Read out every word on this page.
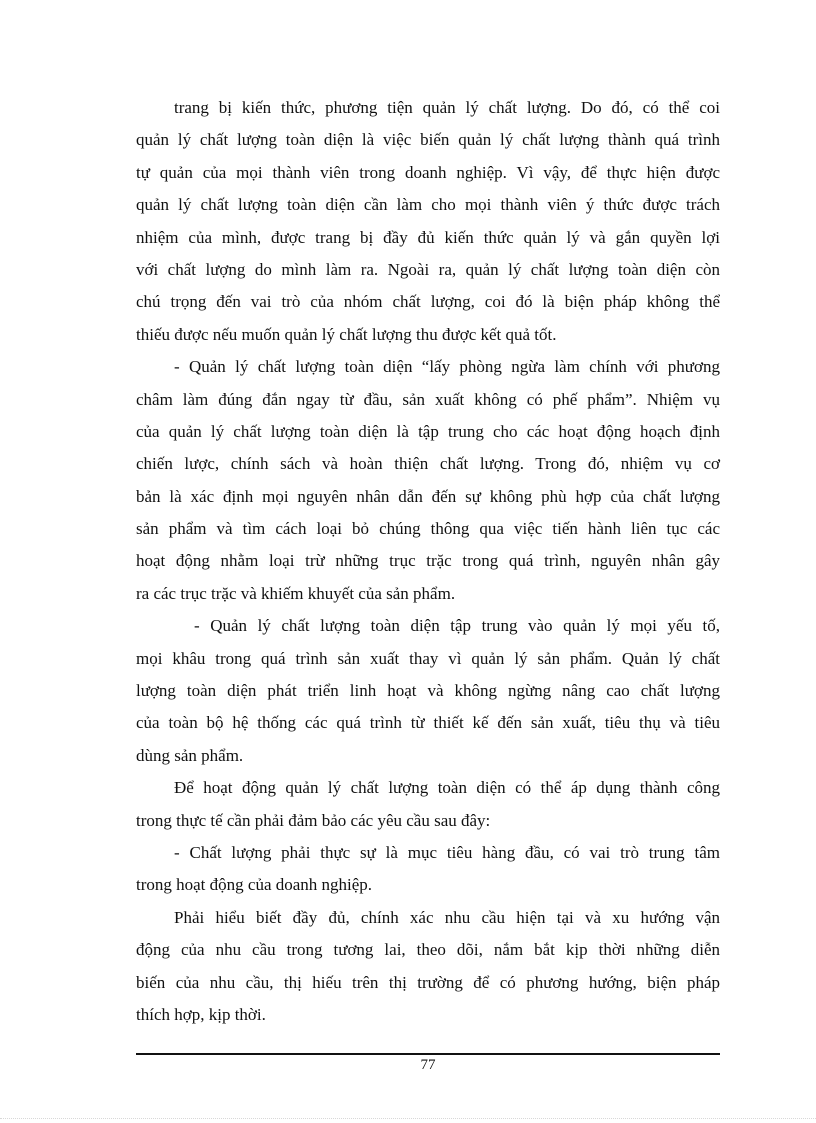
trang bị kiến thức, phương tiện quản lý chất lượng. Do đó, có thể coi
quản lý chất lượng toàn diện là việc biến quản lý chất lượng thành quá trình
tự quản của mọi thành viên trong doanh nghiệp. Vì vậy, để thực hiện được
quản lý chất lượng toàn diện cần làm cho mọi thành viên ý thức được trách
nhiệm của mình, được trang bị đầy đủ kiến thức quản lý và gắn quyền lợi
với chất lượng do mình làm ra. Ngoài ra, quản lý chất lượng toàn diện còn
chú trọng đến vai trò của nhóm chất lượng, coi đó là biện pháp không thể
thiếu được nếu muốn quản lý chất lượng thu được kết quả tốt.
- Quản lý chất lượng toàn diện “lấy phòng ngừa làm chính với phương
châm làm đúng đắn ngay từ đầu, sản xuất không có phế phẩm”. Nhiệm vụ
của quản lý chất lượng toàn diện là tập trung cho các hoạt động hoạch định
chiến lược, chính sách và hoàn thiện chất lượng. Trong đó, nhiệm vụ cơ
bản là xác định mọi nguyên nhân dẫn đến sự không phù hợp của chất lượng
sản phẩm và tìm cách loại bỏ chúng thông qua việc tiến hành liên tục các
hoạt động nhằm loại trừ những trục trặc trong quá trình, nguyên nhân gây
ra các trục trặc và khiếm khuyết của sản phẩm.
- Quản lý chất lượng toàn diện tập trung vào quản lý mọi yếu tố,
mọi khâu trong quá trình sản xuất thay vì quản lý sản phẩm. Quản lý chất
lượng toàn diện phát triển linh hoạt và không ngừng nâng cao chất lượng
của toàn bộ hệ thống các quá trình từ thiết kế đến sản xuất, tiêu thụ và tiêu
dùng sản phẩm.
Để hoạt động quản lý chất lượng toàn diện có thể áp dụng thành công
trong thực tế cần phải đảm bảo các yêu cầu sau đây:
- Chất lượng phải thực sự là mục tiêu hàng đầu, có vai trò trung tâm
trong hoạt động của doanh nghiệp.
Phải hiểu biết đầy đủ, chính xác nhu cầu hiện tại và xu hướng vận
động của nhu cầu trong tương lai, theo dõi, nắm bắt kịp thời những diễn
biến của nhu cầu, thị hiếu trên thị trường để có phương hướng, biện pháp
thích hợp, kịp thời.
77
